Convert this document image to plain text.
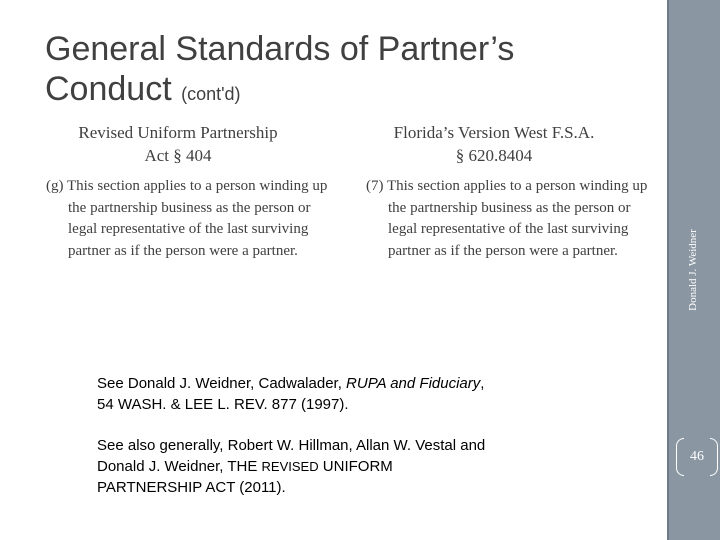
Donald J. Weidner
46
General Standards of Partner’s
Conduct (cont'd)
Revised Uniform Partnership
Act § 404
Florida’s Version West F.S.A.
§ 620.8404

(g) This section applies to a person winding up the partnership business as the person or legal representative of the last surviving partner as if the person were a partner.

(7) This section applies to a person winding up the partnership business as the person or legal representative of the last surviving partner as if the person were a partner.

See Donald J. Weidner, Cadwalader, RUPA and Fiduciary,
54 WASH. & LEE L. REV. 877 (1997).

See also generally, Robert W. Hillman, Allan W. Vestal and
Donald J. Weidner, THE REVISED UNIFORM
PARTNERSHIP ACT (2011).
